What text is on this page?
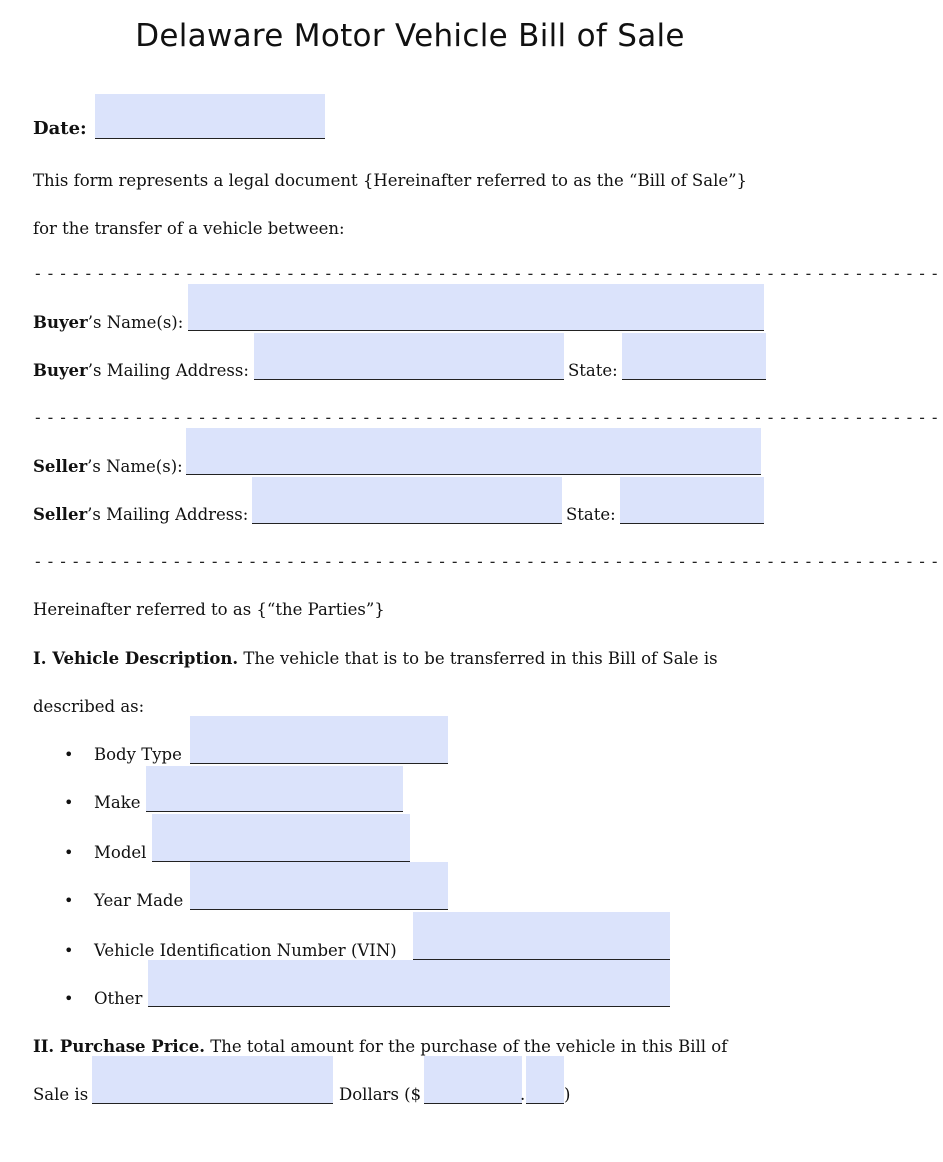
Delaware Motor Vehicle Bill of Sale
Date:
This form represents a legal document {Hereinafter referred to as the “Bill of Sale”}
for the transfer of a vehicle between:
------------------------------------------------------------------------
Buyer’s Name(s):
Buyer’s Mailing Address:	State:
------------------------------------------------------------------------
Seller’s Name(s):
Seller’s Mailing Address:	State:
------------------------------------------------------------------------
Hereinafter referred to as {“the Parties”}
I. Vehicle Description. The vehicle that is to be transferred in this Bill of Sale is
described as:
• Body Type
• Make
• Model
• Year Made
• Vehicle Identification Number (VIN)
• Other
II. Purchase Price. The total amount for the purchase of the vehicle in this Bill of
Sale is	Dollars ($	. )
